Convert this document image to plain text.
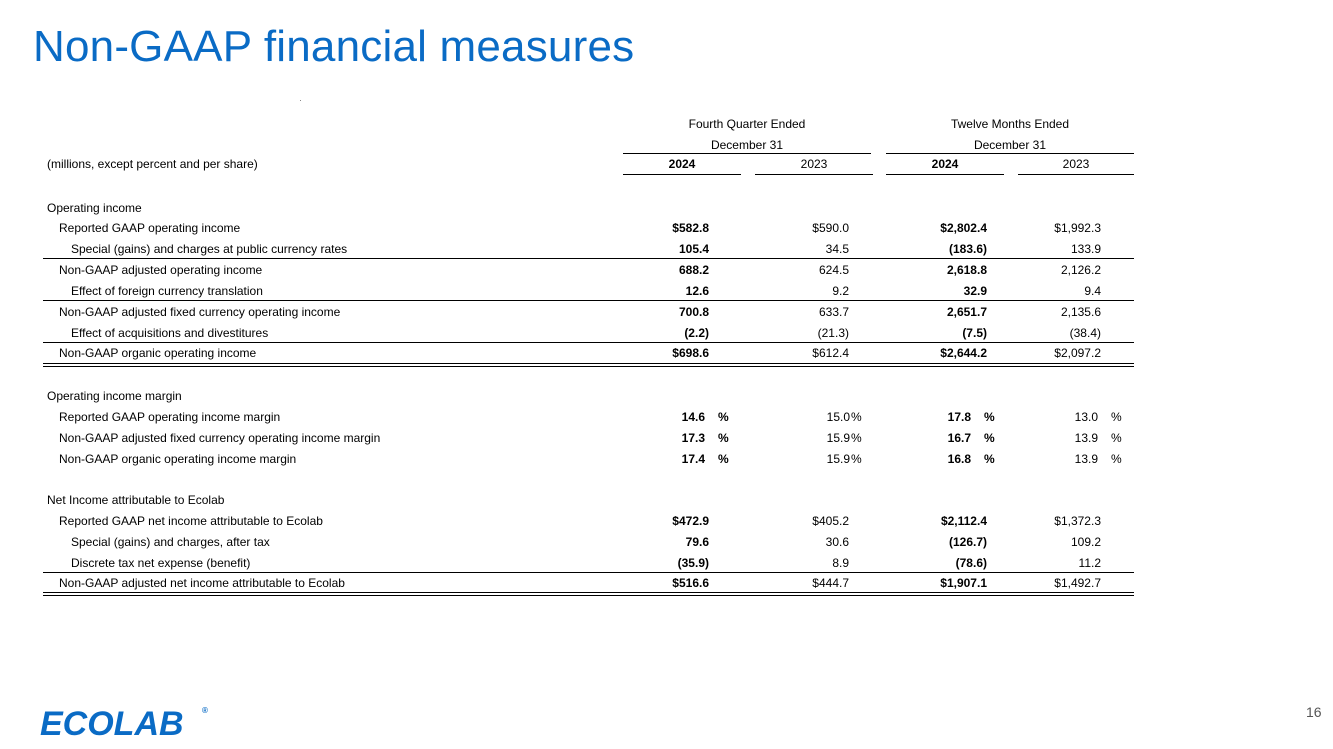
Non-GAAP financial measures
Fourth Quarter Ended
December 31
Twelve Months Ended
December 31
(millions, except percent and per share)	2024	2023	2024	2023
Operating income
Reported GAAP operating income	$582.8	$590.0	$2,802.4	$1,992.3
Special (gains) and charges at public currency rates	105.4	34.5	(183.6)	133.9
Non-GAAP adjusted operating income	688.2	624.5	2,618.8	2,126.2
Effect of foreign currency translation	12.6	9.2	32.9	9.4
Non-GAAP adjusted fixed currency operating income	700.8	633.7	2,651.7	2,135.6
Effect of acquisitions and divestitures	(2.2)	(21.3)	(7.5)	(38.4)
Non-GAAP organic operating income	$698.6	$612.4	$2,644.2	$2,097.2
Operating income margin
Reported GAAP operating income margin	14.6 %	15.0 %	17.8 %	13.0 %
Non-GAAP adjusted fixed currency operating income margin	17.3 %	15.9 %	16.7 %	13.9 %
Non-GAAP organic operating income margin	17.4 %	15.9 %	16.8 %	13.9 %
Net Income attributable to Ecolab
Reported GAAP net income attributable to Ecolab	$472.9	$405.2	$2,112.4	$1,372.3
Special (gains) and charges, after tax	79.6	30.6	(126.7)	109.2
Discrete tax net expense (benefit)	(35.9)	8.9	(78.6)	11.2
Non-GAAP adjusted net income attributable to Ecolab	$516.6	$444.7	$1,907.1	$1,492.7
ECOLAB ®	16
